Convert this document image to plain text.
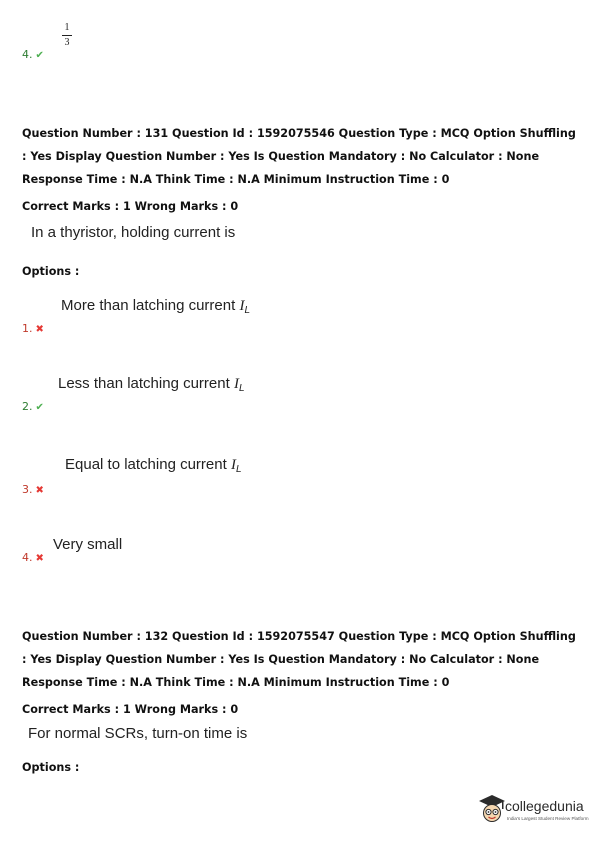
4. ✔
1
3
Question Number : 131 Question Id : 1592075546 Question Type : MCQ Option Shuffling : Yes Display Question Number : Yes Is Question Mandatory : No Calculator : None Response Time : N.A Think Time : N.A Minimum Instruction Time : 0
Correct Marks : 1 Wrong Marks : 0
In a thyristor, holding current is
Options :
More than latching current $I_L$
1. ✖
Less than latching current $I_L$
2. ✔
Equal to latching current $I_L$
3. ✖
Very small
4. ✖
Question Number : 132 Question Id : 1592075547 Question Type : MCQ Option Shuffling : Yes Display Question Number : Yes Is Question Mandatory : No Calculator : None Response Time : N.A Think Time : N.A Minimum Instruction Time : 0
Correct Marks : 1 Wrong Marks : 0
For normal SCRs, turn-on time is
Options :
collegedunia
India's Largest Student Review Platform
